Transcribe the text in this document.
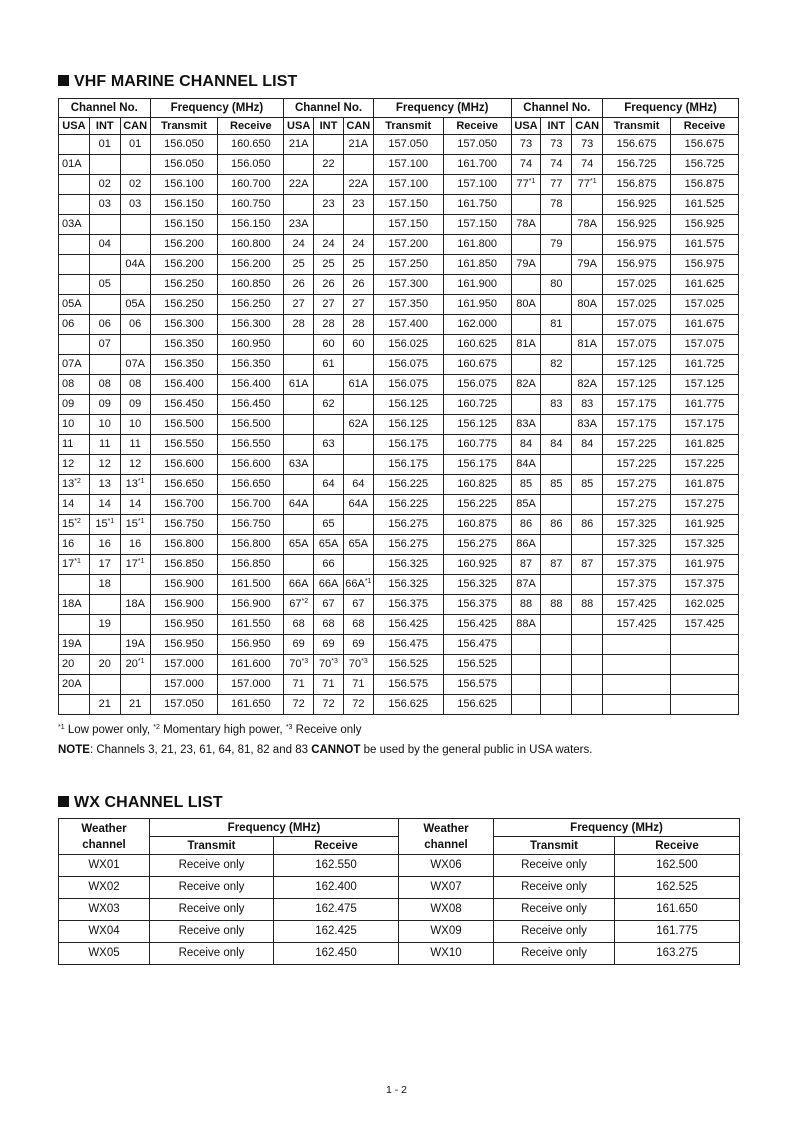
VHF MARINE CHANNEL LIST
Channel No.			Frequency (MHz)		Channel No.			Frequency (MHz)		Channel No.			Frequency (MHz)	
USA	INT	CAN	Transmit	Receive	USA	INT	CAN	Transmit	Receive	USA	INT	CAN	Transmit	Receive
	01	01	156.050	160.650	21A		21A	157.050	157.050	73	73	73	156.675	156.675
01A			156.050	156.050		22		157.100	161.700	74	74	74	156.725	156.725
	02	02	156.100	160.700	22A		22A	157.100	157.100	77$^{*1}$	77	77$^{*1}$	156.875	156.875
	03	03	156.150	160.750		23	23	157.150	161.750		78		156.925	161.525
03A			156.150	156.150	23A			157.150	157.150	78A		78A	156.925	156.925
	04		156.200	160.800	24	24	24	157.200	161.800		79		156.975	161.575
		04A	156.200	156.200	25	25	25	157.250	161.850	79A		79A	156.975	156.975
	05		156.250	160.850	26	26	26	157.300	161.900		80		157.025	161.625
05A		05A	156.250	156.250	27	27	27	157.350	161.950	80A		80A	157.025	157.025
06	06	06	156.300	156.300	28	28	28	157.400	162.000		81		157.075	161.675
	07		156.350	160.950		60	60	156.025	160.625	81A		81A	157.075	157.075
07A		07A	156.350	156.350		61		156.075	160.675		82		157.125	161.725
08	08	08	156.400	156.400	61A		61A	156.075	156.075	82A		82A	157.125	157.125
09	09	09	156.450	156.450		62		156.125	160.725		83	83	157.175	161.775
10	10	10	156.500	156.500			62A	156.125	156.125	83A		83A	157.175	157.175
11	11	11	156.550	156.550		63		156.175	160.775	84	84	84	157.225	161.825
12	12	12	156.600	156.600	63A			156.175	156.175	84A			157.225	157.225
13$^{*2}$	13	13$^{*1}$	156.650	156.650		64	64	156.225	160.825	85	85	85	157.275	161.875
14	14	14	156.700	156.700	64A		64A	156.225	156.225	85A			157.275	157.275
15$^{*2}$	15$^{*1}$	15$^{*1}$	156.750	156.750		65		156.275	160.875	86	86	86	157.325	161.925
16	16	16	156.800	156.800	65A	65A	65A	156.275	156.275	86A			157.325	157.325
17$^{*1}$	17	17$^{*1}$	156.850	156.850		66		156.325	160.925	87	87	87	157.375	161.975
	18		156.900	161.500	66A	66A	$66A^{*1}$	156.325	156.325	87A			157.375	157.375
18A		18A	156.900	156.900	67$^{*2}$	67	67	156.375	156.375	88	88	88	157.425	162.025
	19		156.950	161.550	68	68	68	156.425	156.425	88A			157.425	157.425
19A		19A	156.950	156.950	69	69	69	156.475	156.475					
20	20	20$^{*1}$	157.000	161.600	70$^{*3}$	70$^{*3}$	70$^{*3}$	156.525	156.525					
20A			157.000	157.000	71	71	71	156.575	156.575					
	21	21	157.050	161.650	72	72	72	156.625	156.625					
$^{*1}$ Low power only, $^{*2}$ Momentary high power, $^{*3}$ Receive only
NOTE: Channels 3, 21, 23, 61, 64, 81, 82 and 83 CANNOT be used by the general public in USA waters.
WX CHANNEL LIST
Weather
channel	Frequency (MHz)		Weather
channel	Frequency (MHz)	
	Transmit	Receive		Transmit	Receive
WX01	Receive only	162.550	WX06	Receive only	162.500
WX02	Receive only	162.400	WX07	Receive only	162.525
WX03	Receive only	162.475	WX08	Receive only	161.650
WX04	Receive only	162.425	WX09	Receive only	161.775
WX05	Receive only	162.450	WX10	Receive only	163.275
1 - 2
